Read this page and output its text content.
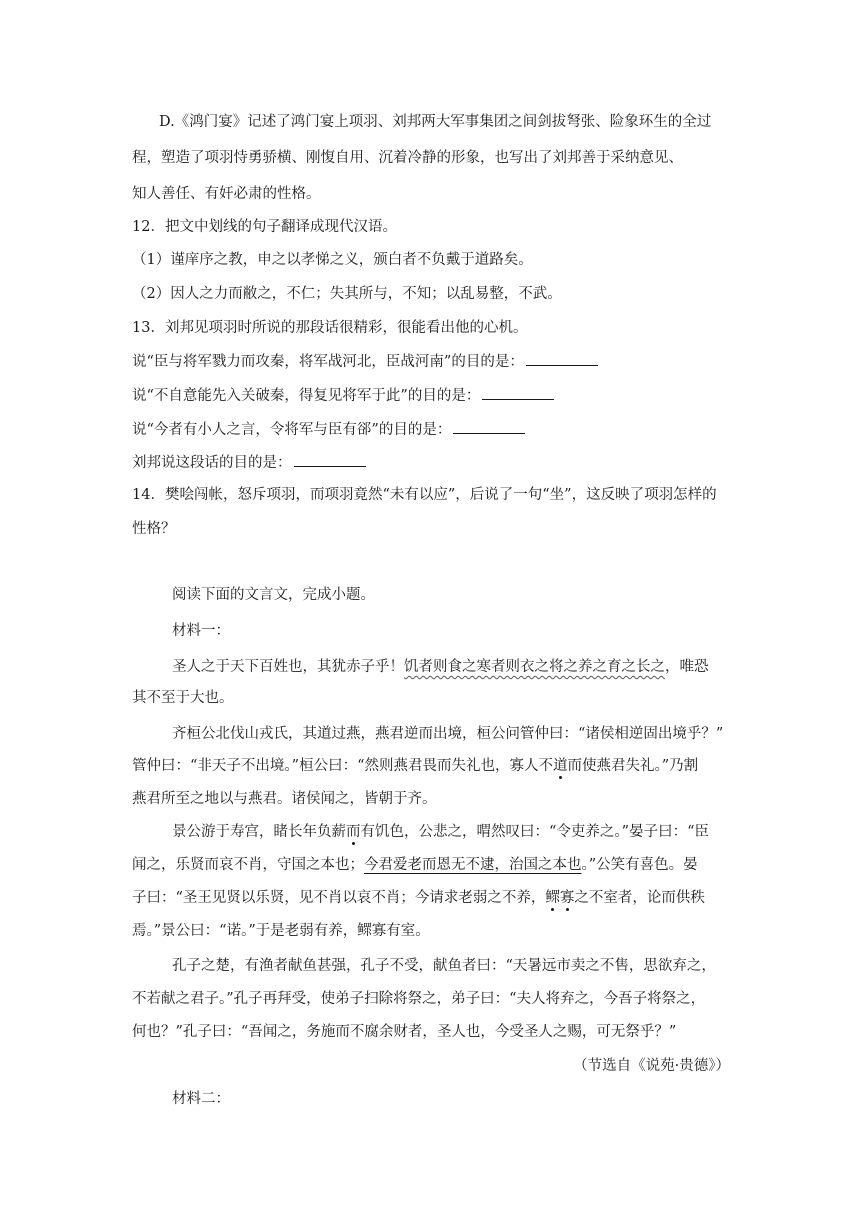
D.《鸿门宴》记述了鸿门宴上项羽、刘邦两大军事集团之间剑拔弩张、险象环生的全过
程，塑造了项羽恃勇骄横、刚愎自用、沉着冷静的形象，也写出了刘邦善于采纳意见、
知人善任、有奸必肃的性格。
12．把文中划线的句子翻译成现代汉语。
（1）谨庠序之教，申之以孝悌之义，颁白者不负戴于道路矣。
（2）因人之力而敝之，不仁；失其所与，不知；以乱易整，不武。
13．刘邦见项羽时所说的那段话很精彩，很能看出他的心机。
说“臣与将军戮力而攻秦，将军战河北，臣战河南”的目的是：
说“不自意能先入关破秦，得复见将军于此”的目的是：
说“今者有小人之言，令将军与臣有郤”的目的是：
刘邦说这段话的目的是：
14．樊哙闯帐，怒斥项羽，而项羽竟然“未有以应”，后说了一句“坐”，这反映了项羽怎样的
性格？
阅读下面的文言文，完成小题。
材料一：
圣人之于天下百姓也，其犹赤子乎！饥者则食之寒者则衣之将之养之育之长之，唯恐
其不至于大也。
齐桓公北伐山戎氏，其道过燕，燕君逆而出境，桓公问管仲曰：“诸侯相逆固出境乎？”
管仲曰：“非天子不出境。”桓公曰：“然则燕君畏而失礼也，寡人不道而使燕君失礼。”乃割
燕君所至之地以与燕君。诸侯闻之，皆朝于齐。
景公游于寿宫，睹长年负薪而有饥色，公悲之，喟然叹曰：“令吏养之。”晏子曰：“臣
闻之，乐贤而哀不肖，守国之本也；今君爱老而恩无不逮，治国之本也。”公笑有喜色。晏
子曰：“圣王见贤以乐贤，见不肖以哀不肖；今请求老弱之不养，鳏寡之不室者，论而供秩
焉。”景公曰：“诺。”于是老弱有养，鳏寡有室。
孔子之楚，有渔者献鱼甚强，孔子不受，献鱼者曰：“天暑远市卖之不售，思欲弃之，
不若献之君子。”孔子再拜受，使弟子扫除将祭之，弟子曰：“夫人将弃之，今吾子将祭之，
何也？”孔子曰：“吾闻之，务施而不腐余财者，圣人也，今受圣人之赐，可无祭乎？”
（节选自《说苑·贵德》）
材料二：
